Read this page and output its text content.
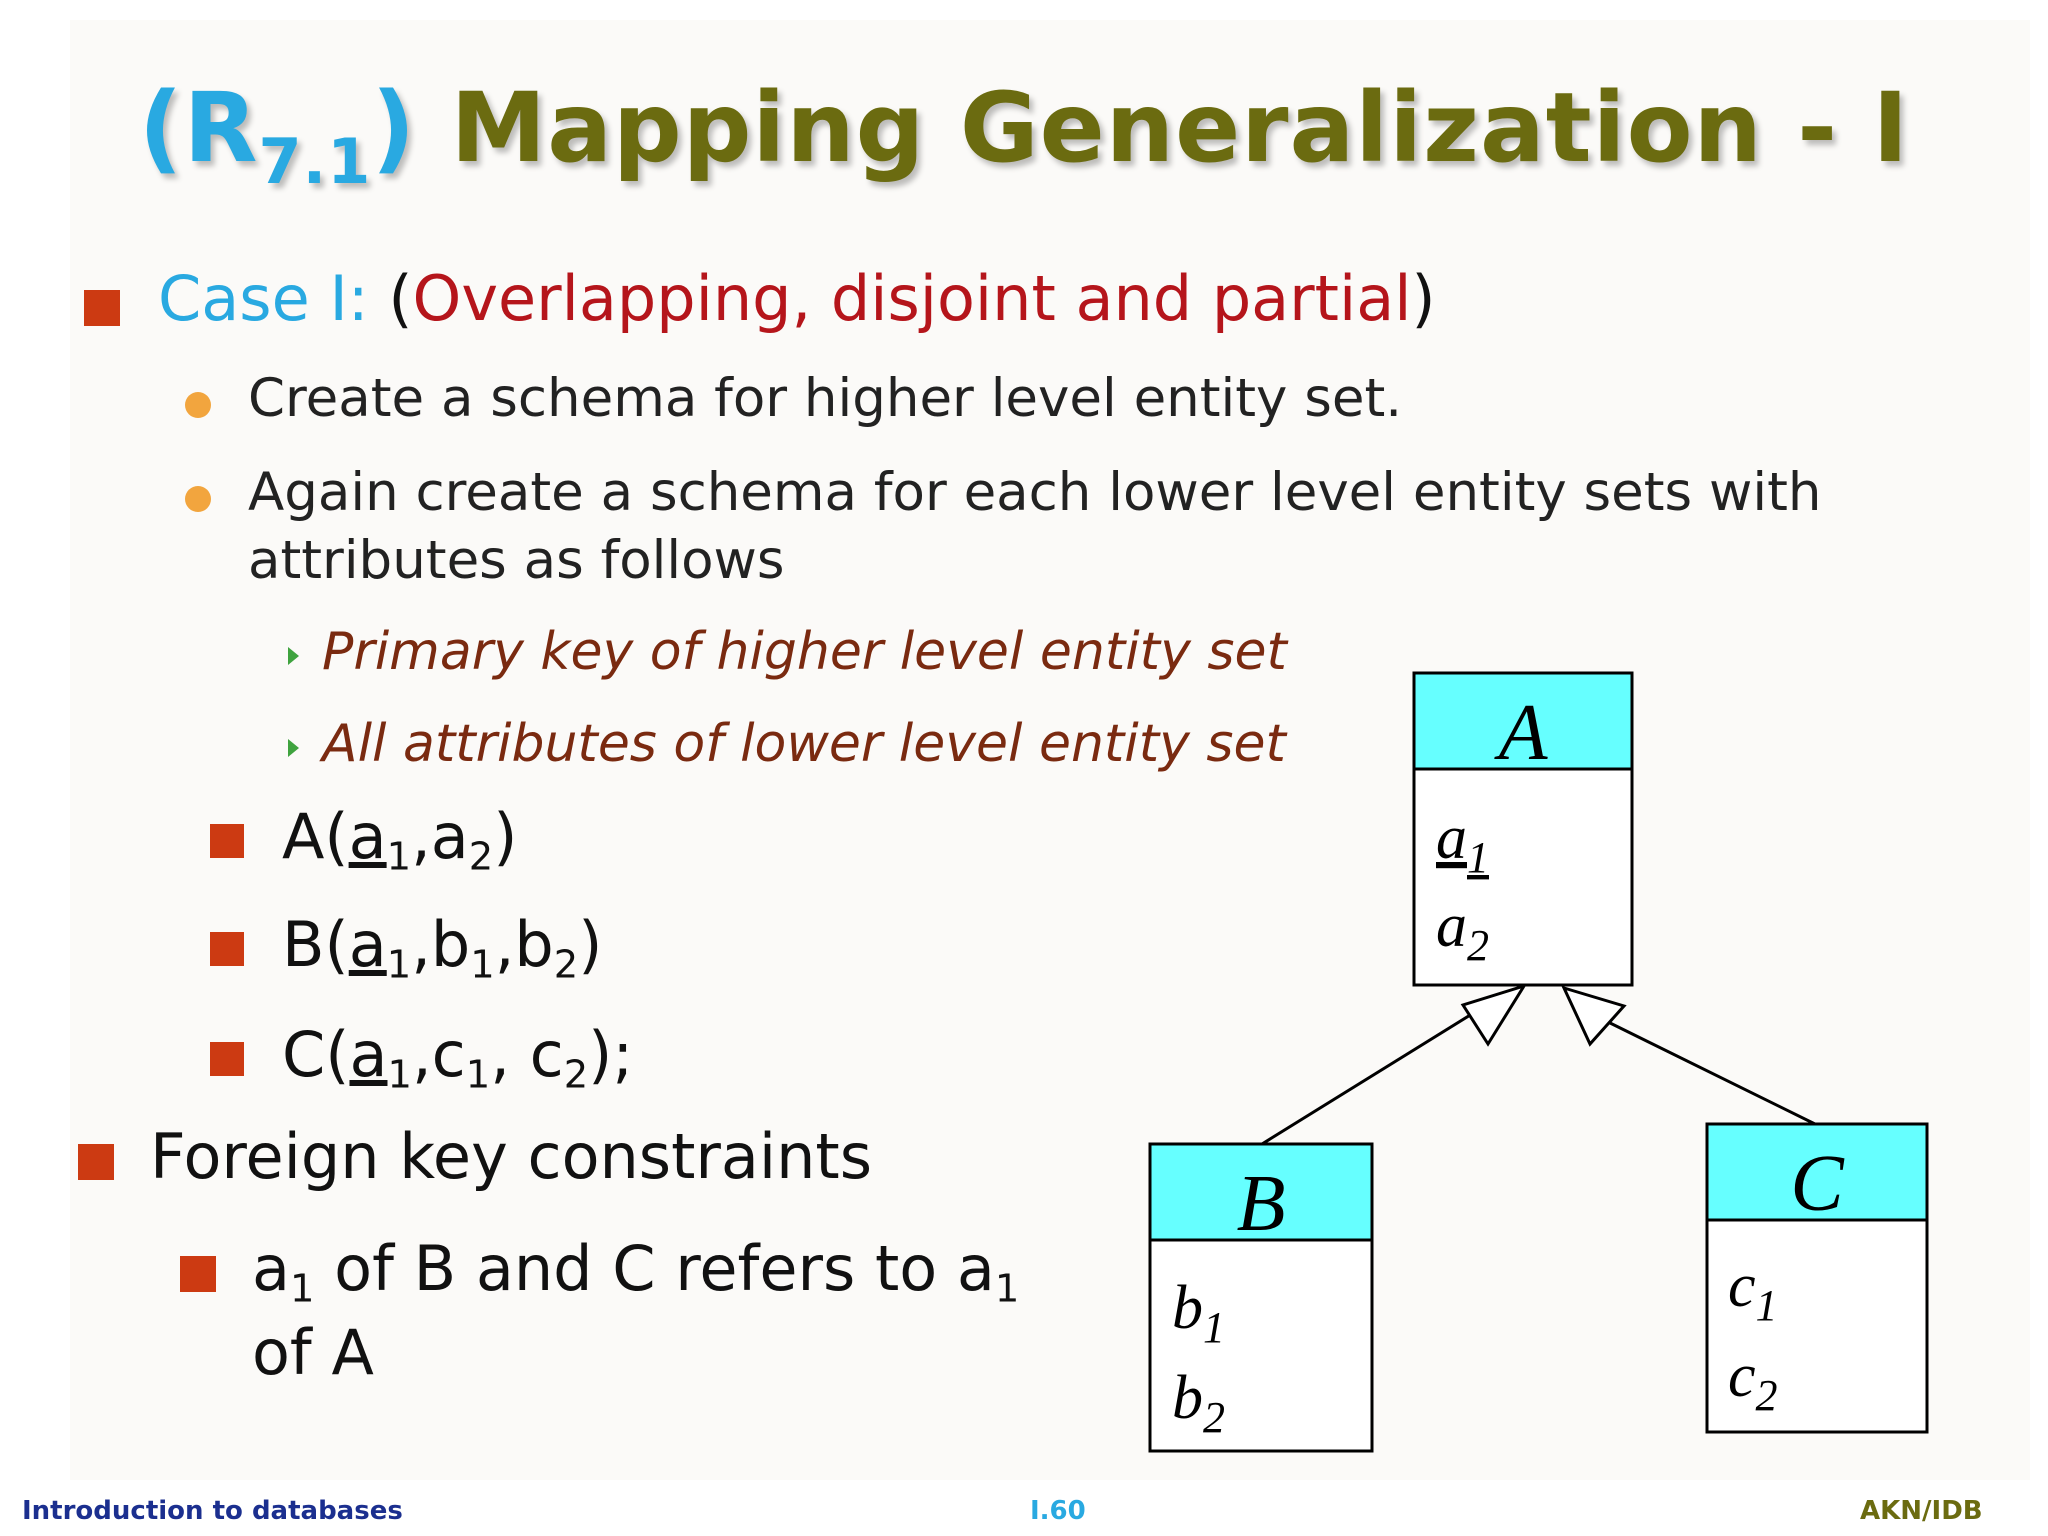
$(R_{7.1})$ Mapping Generalization - I
Case I: (Overlapping, disjoint and partial)
Create a schema for higher level entity set.
Again create a schema for each lower level entity sets with
attributes as follows
Primary key of higher level entity set
All attributes of lower level entity set
$A(a_1,a_2)$
$B(a_1,b_1,b_2)$
$C(a_1,c_1$, $c_2$);
Foreign key constraints
$a_1$ of B and C refers to $a_1$
of A
A
$a_1$
$a_2$
B
$b_1$
$b_2$
C
$c_1$
$c_2$
Introduction to databases	I.60	AKN/IDB
